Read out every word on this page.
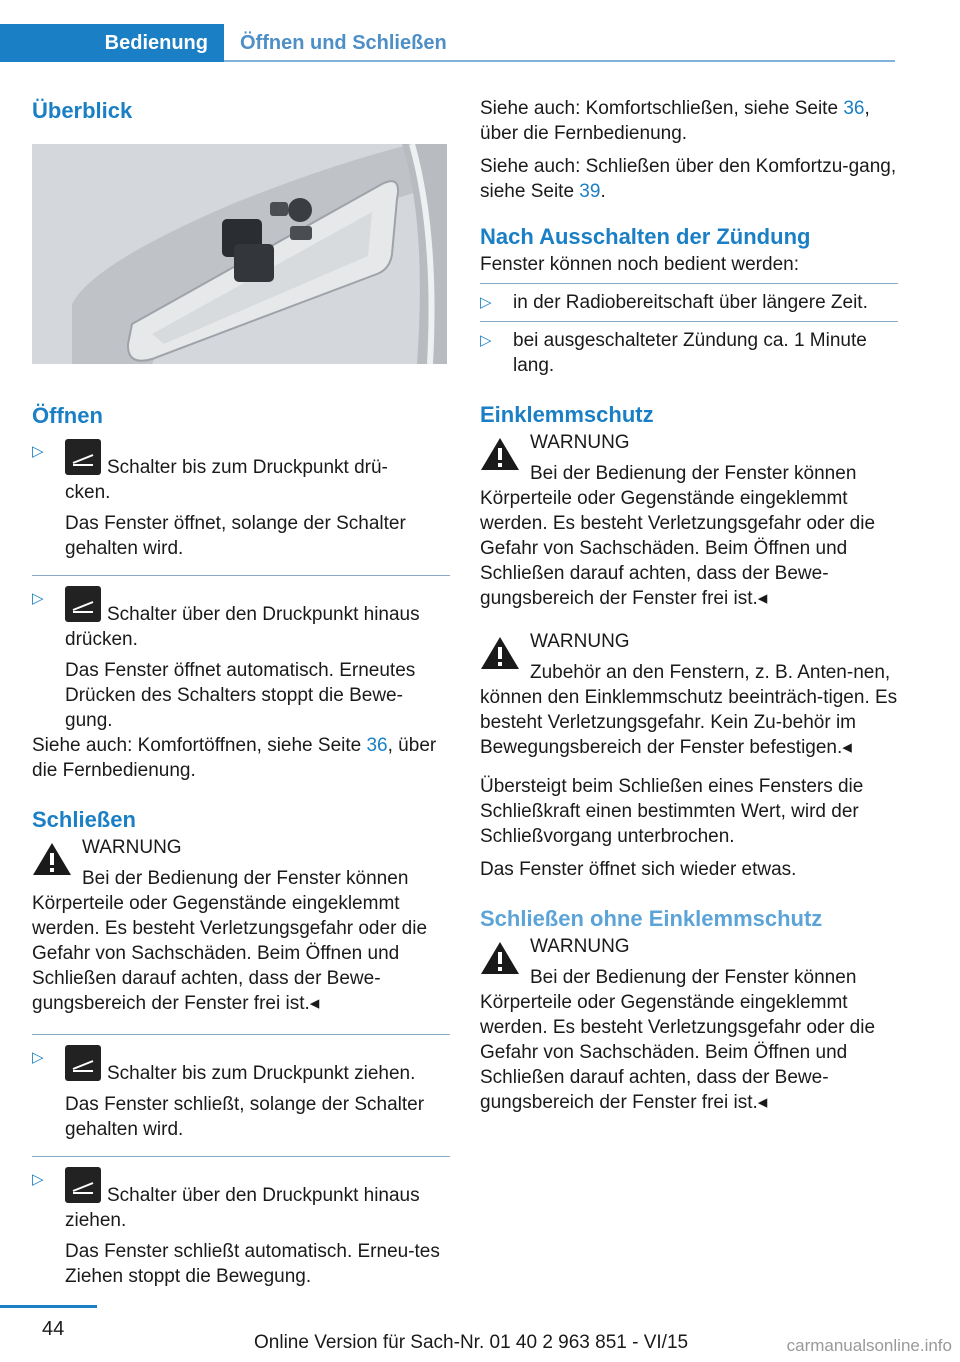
Bedienung	Öffnen und Schließen
Überblick
Öffnen
▷

Schalter bis zum Druckpunkt drü-
cken.

Das Fenster öffnet, solange der Schalter gehalten wird.

▷

Schalter über den Druckpunkt hinaus
drücken.

Das Fenster öffnet automatisch. Erneutes Drücken des Schalters stoppt die Bewe-gung.

Siehe auch: Komfortöffnen, siehe Seite 36, über die Fernbedienung.

Schließen

WARNUNG

Bei der Bedienung der Fenster können Körperteile oder Gegenstände eingeklemmt werden. Es besteht Verletzungsgefahr oder die Gefahr von Sachschäden. Beim Öffnen und Schließen darauf achten, dass der Bewe-gungsbereich der Fenster frei ist.◂

▷

Schalter bis zum Druckpunkt ziehen.

Das Fenster schließt, solange der Schalter gehalten wird.

▷

Schalter über den Druckpunkt hinaus
ziehen.

Das Fenster schließt automatisch. Erneu-tes Ziehen stoppt die Bewegung.

Siehe auch: Komfortschließen, siehe Seite 36, über die Fernbedienung.

Siehe auch: Schließen über den Komfortzu-gang, siehe Seite 39.

Nach Ausschalten der Zündung

Fenster können noch bedient werden:

▷ in der Radiobereitschaft über längere Zeit.

▷ bei ausgeschalteter Zündung ca. 1 Minute lang.

Einklemmschutz

WARNUNG

Bei der Bedienung der Fenster können Körperteile oder Gegenstände eingeklemmt werden. Es besteht Verletzungsgefahr oder die Gefahr von Sachschäden. Beim Öffnen und Schließen darauf achten, dass der Bewe-gungsbereich der Fenster frei ist.◂

WARNUNG

Zubehör an den Fenstern, z. B. Anten-nen, können den Einklemmschutz beeinträch-tigen. Es besteht Verletzungsgefahr. Kein Zu-behör im Bewegungsbereich der Fenster befestigen.◂

Übersteigt beim Schließen eines Fensters die Schließkraft einen bestimmten Wert, wird der Schließvorgang unterbrochen.

Das Fenster öffnet sich wieder etwas.

Schließen ohne Einklemmschutz

WARNUNG

Bei der Bedienung der Fenster können Körperteile oder Gegenstände eingeklemmt werden. Es besteht Verletzungsgefahr oder die Gefahr von Sachschäden. Beim Öffnen und Schließen darauf achten, dass der Bewe-gungsbereich der Fenster frei ist.◂

44
Online Version für Sach-Nr. 01 40 2 963 851 - VI/15	carmanualsonline.info
